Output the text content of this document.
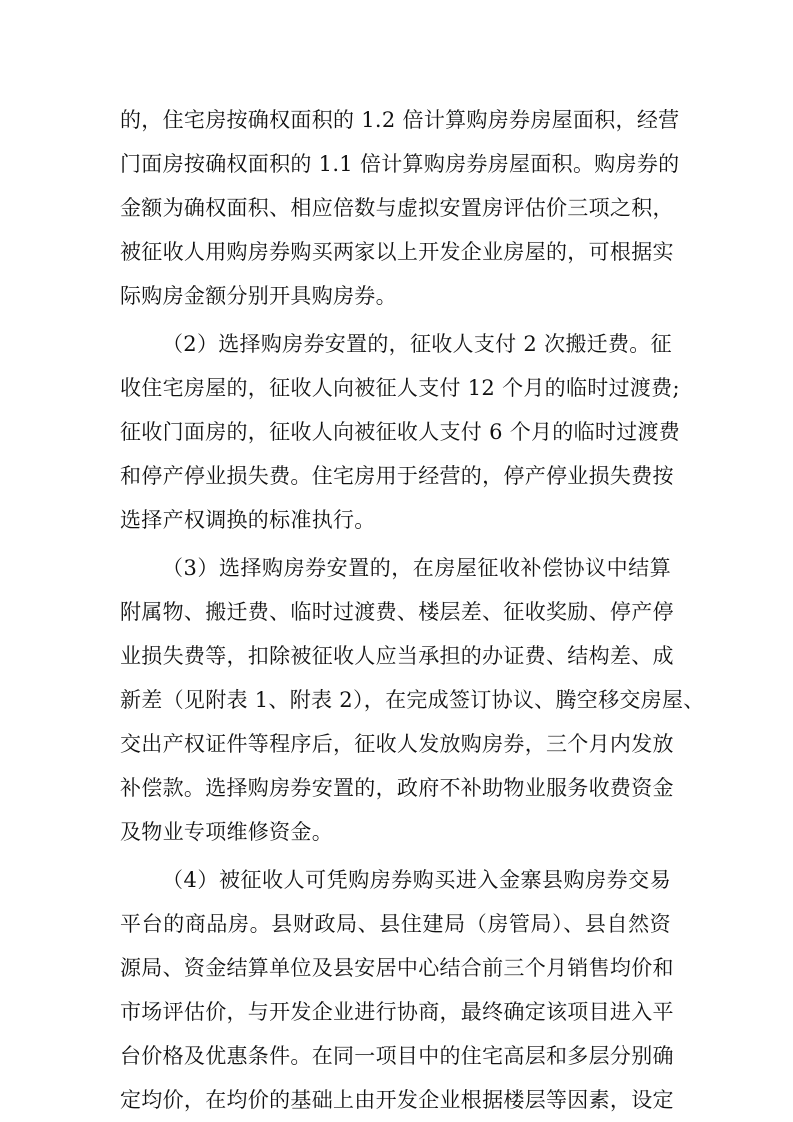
的，住宅房按确权面积的 1.2 倍计算购房券房屋面积，经营
门面房按确权面积的 1.1 倍计算购房券房屋面积。购房券的
金额为确权面积、相应倍数与虚拟安置房评估价三项之积，
被征收人用购房券购买两家以上开发企业房屋的，可根据实
际购房金额分别开具购房券。
（2）选择购房券安置的，征收人支付 2 次搬迁费。征
收住宅房屋的，征收人向被征人支付 12 个月的临时过渡费;
征收门面房的，征收人向被征收人支付 6 个月的临时过渡费
和停产停业损失费。住宅房用于经营的，停产停业损失费按
选择产权调换的标准执行。
（3）选择购房券安置的，在房屋征收补偿协议中结算
附属物、搬迁费、临时过渡费、楼层差、征收奖励、停产停
业损失费等，扣除被征收人应当承担的办证费、结构差、成
新差（见附表 1、附表 2），在完成签订协议、腾空移交房屋、
交出产权证件等程序后，征收人发放购房券，三个月内发放
补偿款。选择购房券安置的，政府不补助物业服务收费资金
及物业专项维修资金。
（4）被征收人可凭购房券购买进入金寨县购房券交易
平台的商品房。县财政局、县住建局（房管局）、县自然资
源局、资金结算单位及县安居中心结合前三个月销售均价和
市场评估价，与开发企业进行协商，最终确定该项目进入平
台价格及优惠条件。在同一项目中的住宅高层和多层分别确
定均价，在均价的基础上由开发企业根据楼层等因素，设定
